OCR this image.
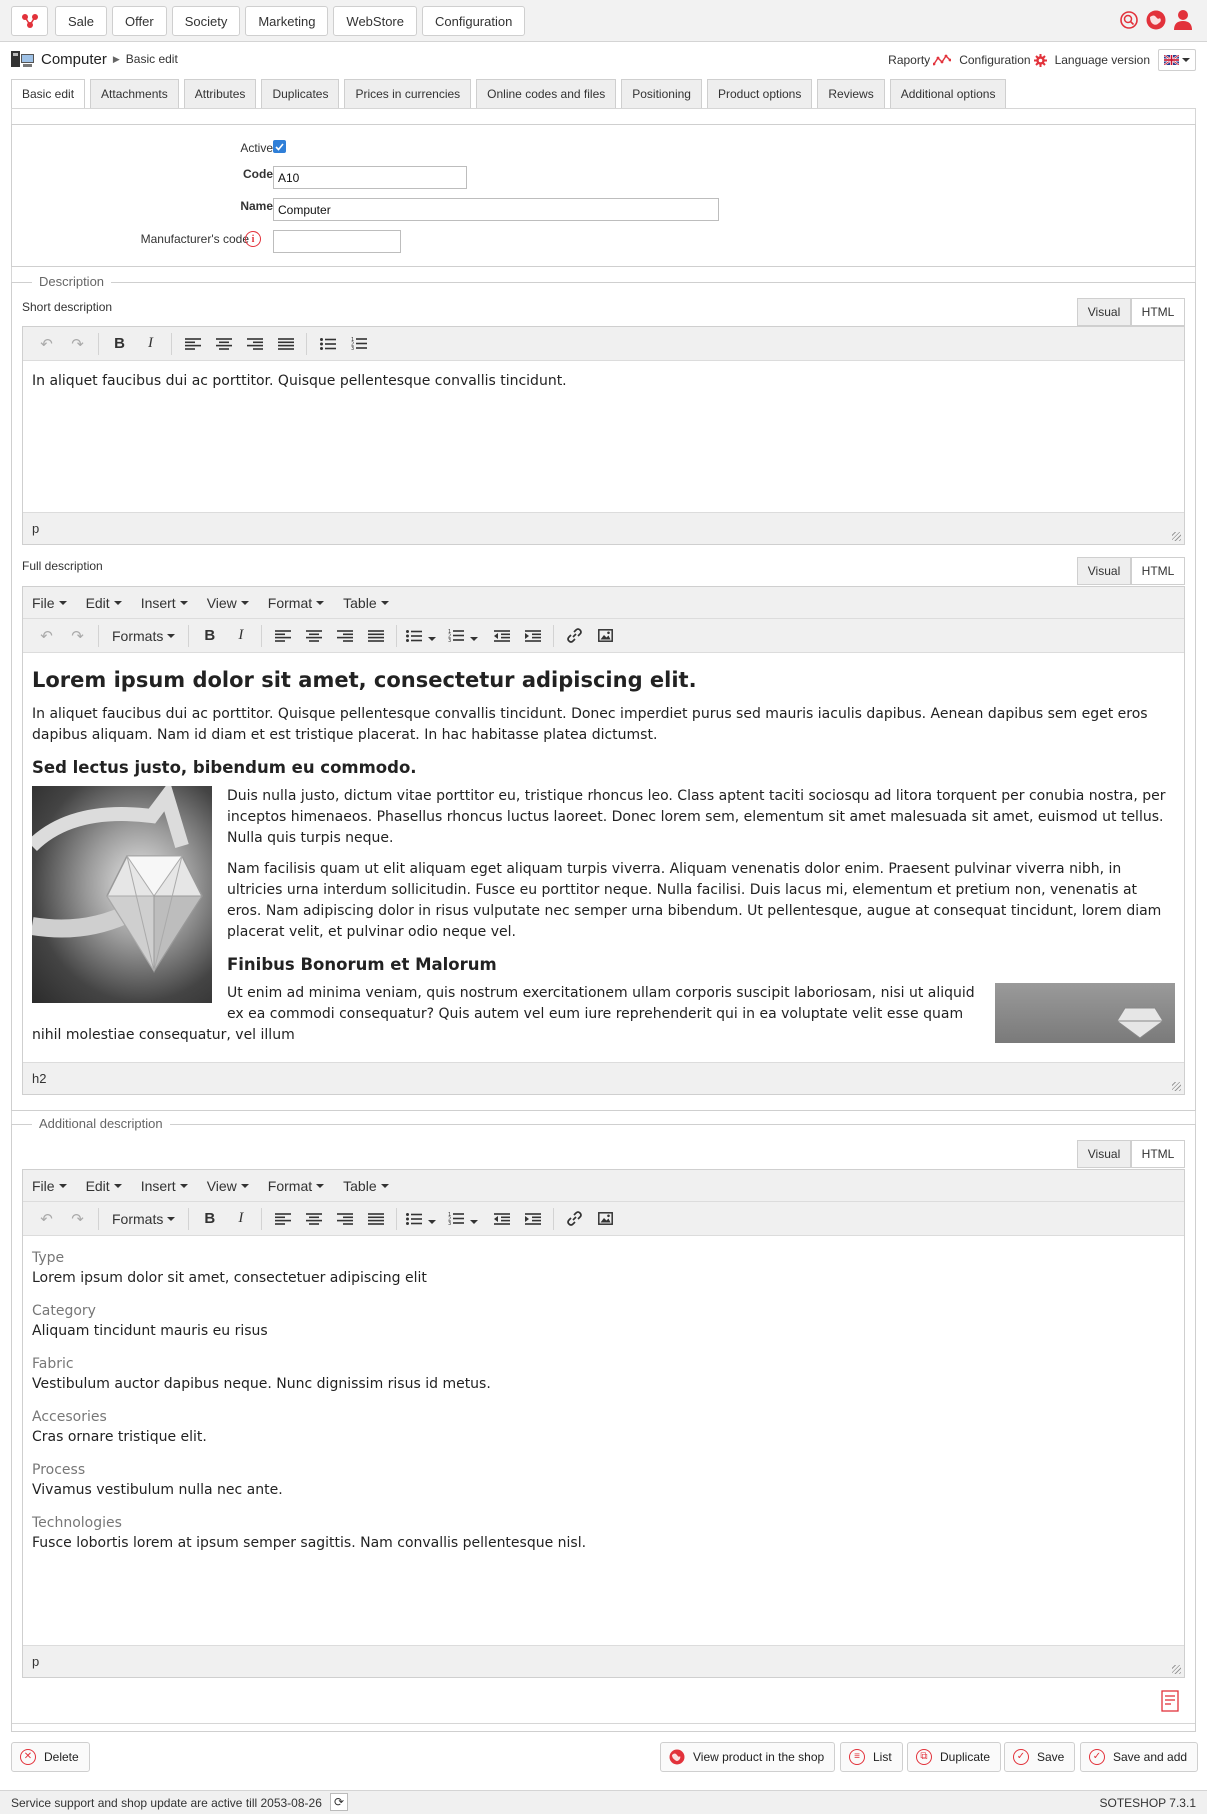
Sale	Offer	Society	Marketing	WebStore	Configuration
Computer ▶ Basic edit	Raporty Configuration Language version
Basic edit	Attachments	Attributes	Duplicates	Prices in currencies	Online codes and files	Positioning	Product options	Reviews	Additional options
Active
Code
A10
Name
Computer
Manufacturer's code i
Description
Short description	Visual	HTML
↶	↷	B	I	1
2
3

In aliquet faucibus dui ac porttitor. Quisque pellentesque convallis tincidunt.

p
Full description	Visual	HTML
File Edit Insert View Format Table
↶	↷	Formats	B	I	1
2
3
Lorem ipsum dolor sit amet, consectetur adipiscing elit.

In aliquet faucibus dui ac porttitor. Quisque pellentesque convallis tincidunt. Donec imperdiet purus sed mauris iaculis dapibus. Aenean dapibus sem eget eros dapibus aliquam. Nam id diam et est tristique placerat. In hac habitasse platea dictumst.

Sed lectus justo, bibendum eu commodo.

Duis nulla justo, dictum vitae porttitor eu, tristique rhoncus leo. Class aptent taciti sociosqu ad litora torquent per conubia nostra, per inceptos himenaeos. Phasellus rhoncus luctus laoreet. Donec lorem sem, elementum sit amet malesuada sit amet, euismod ut tellus. Nulla quis turpis neque.

Nam facilisis quam ut elit aliquam eget aliquam turpis viverra. Aliquam venenatis dolor enim. Praesent pulvinar viverra nibh, in ultricies urna interdum sollicitudin. Fusce eu porttitor neque. Nulla facilisi. Duis lacus mi, elementum et pretium non, venenatis at eros. Nam adipiscing dolor in risus vulputate nec semper urna bibendum. Ut pellentesque, augue at consequat tincidunt, lorem diam placerat velit, et pulvinar odio neque vel.

Finibus Bonorum et Malorum

Ut enim ad minima veniam, quis nostrum exercitationem ullam corporis suscipit laboriosam, nisi ut aliquid ex ea commodi consequatur? Quis autem vel eum iure reprehenderit qui in ea voluptate velit esse quam nihil molestiae consequatur, vel illum

h2
Additional description
Visual	HTML
File Edit Insert View Format Table
↶	↷	Formats	B	I	1
2
3
Type
Lorem ipsum dolor sit amet, consectetuer adipiscing elit
Category
Aliquam tincidunt mauris eu risus
Fabric
Vestibulum auctor dapibus neque. Nunc dignissim risus id metus.
Accesories
Cras ornare tristique elit.
Process
Vivamus vestibulum nulla nec ante.
Technologies
Fusce lobortis lorem at ipsum semper sagittis. Nam convallis pellentesque nisl.
p
✕ Delete	View product in the shop	≡	List	⧉	Duplicate	✓ Save	✓ Save and add
Service support and shop update are active till 2053-08-26	⟳	SOTESHOP 7.3.1
